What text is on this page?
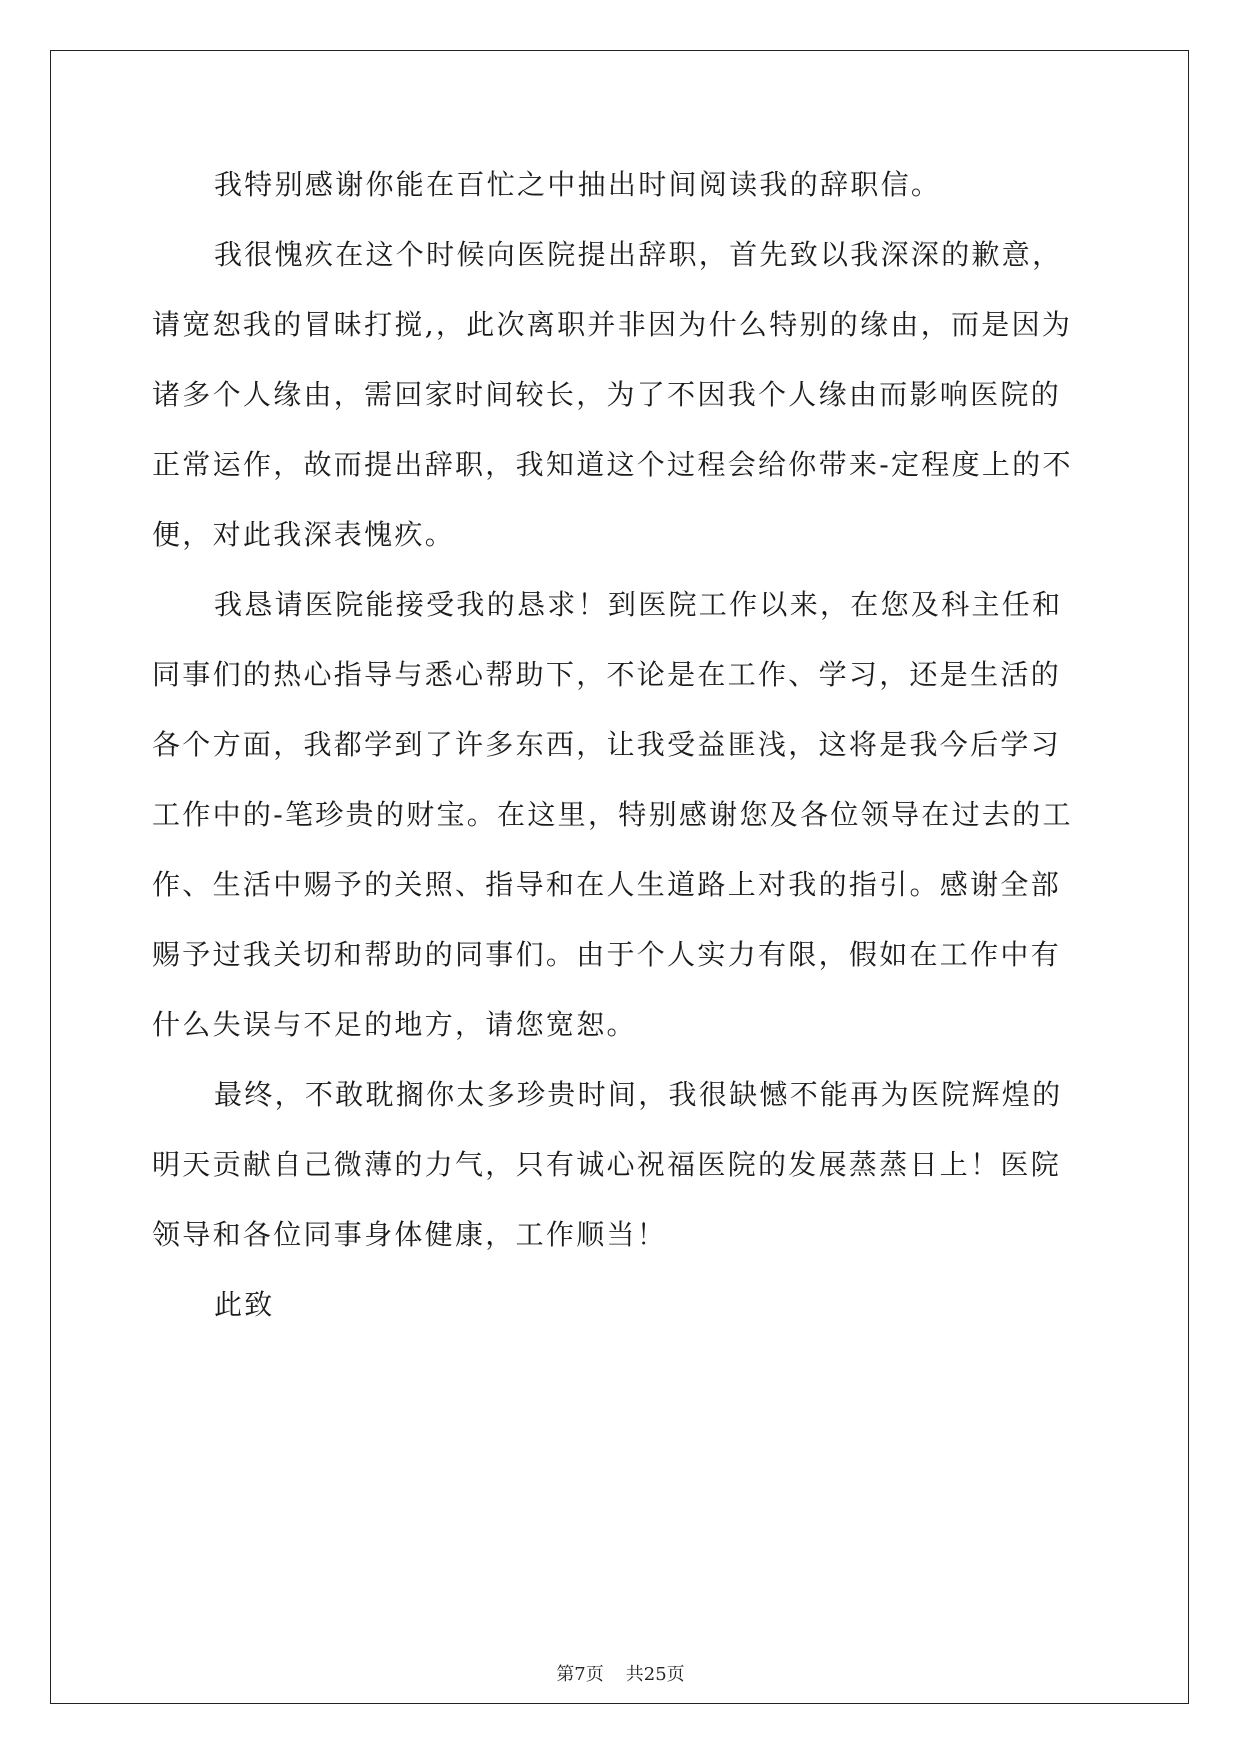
我特别感谢你能在百忙之中抽出时间阅读我的辞职信。
我很愧疚在这个时候向医院提出辞职，首先致以我深深的歉意，
请宽恕我的冒昧打搅,，此次离职并非因为什么特别的缘由，而是因为
诸多个人缘由，需回家时间较长，为了不因我个人缘由而影响医院的
正常运作，故而提出辞职，我知道这个过程会给你带来-定程度上的不
便，对此我深表愧疚。
我恳请医院能接受我的恳求！到医院工作以来，在您及科主任和
同事们的热心指导与悉心帮助下，不论是在工作、学习，还是生活的
各个方面，我都学到了许多东西，让我受益匪浅，这将是我今后学习
工作中的-笔珍贵的财宝。在这里，特别感谢您及各位领导在过去的工
作、生活中赐予的关照、指导和在人生道路上对我的指引。感谢全部
赐予过我关切和帮助的同事们。由于个人实力有限，假如在工作中有
什么失误与不足的地方，请您宽恕。
最终，不敢耽搁你太多珍贵时间，我很缺憾不能再为医院辉煌的
明天贡献自己微薄的力气，只有诚心祝福医院的发展蒸蒸日上！医院
领导和各位同事身体健康，工作顺当！

此致

第7页 共25页
